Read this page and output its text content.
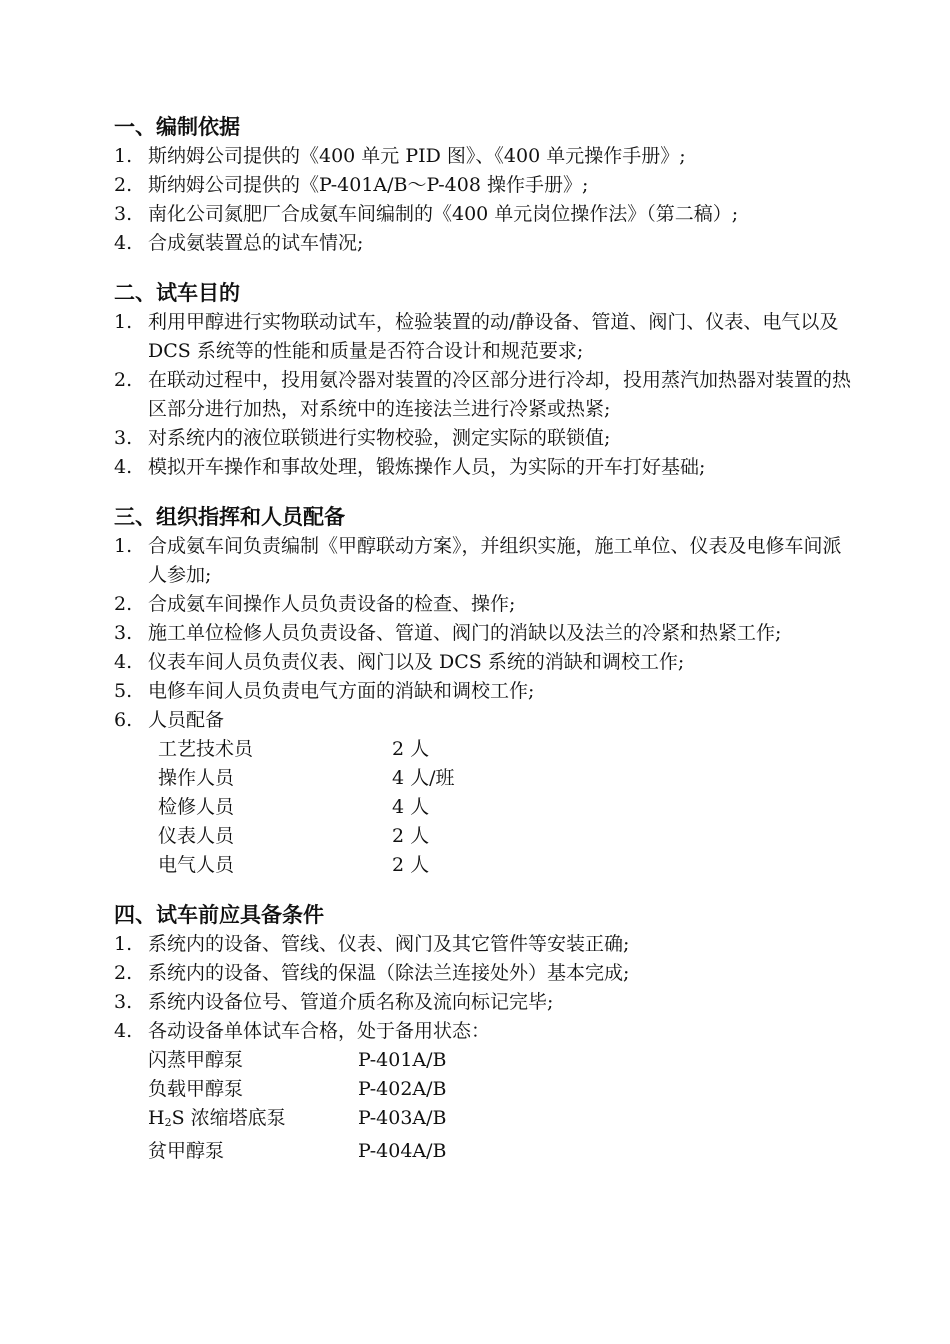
一、编制依据
1. 斯纳姆公司提供的《400 单元 PID 图》、《400 单元操作手册》;
2. 斯纳姆公司提供的《P-401A/B～P-408 操作手册》;
3. 南化公司氮肥厂合成氨车间编制的《400 单元岗位操作法》（第二稿）;
4. 合成氨装置总的试车情况;
二、试车目的
1. 利用甲醇进行实物联动试车，检验装置的动/静设备、管道、阀门、仪表、电气以及 DCS 系统等的性能和质量是否符合设计和规范要求;
2. 在联动过程中，投用氨冷器对装置的冷区部分进行冷却，投用蒸汽加热器对装置的热区部分进行加热，对系统中的连接法兰进行冷紧或热紧;
3. 对系统内的液位联锁进行实物校验，测定实际的联锁值;
4. 模拟开车操作和事故处理，锻炼操作人员，为实际的开车打好基础;
三、组织指挥和人员配备
1. 合成氨车间负责编制《甲醇联动方案》，并组织实施，施工单位、仪表及电修车间派人参加;
2. 合成氨车间操作人员负责设备的检查、操作;
3. 施工单位检修人员负责设备、管道、阀门的消缺以及法兰的冷紧和热紧工作;
4. 仪表车间人员负责仪表、阀门以及 DCS 系统的消缺和调校工作;
5. 电修车间人员负责电气方面的消缺和调校工作;
6. 人员配备
工艺技术员	2 人
操作人员	4 人/班
检修人员	4 人
仪表人员	2 人
电气人员	2 人
四、试车前应具备条件
1. 系统内的设备、管线、仪表、阀门及其它管件等安装正确;
2. 系统内的设备、管线的保温（除法兰连接处外）基本完成;
3. 系统内设备位号、管道介质名称及流向标记完毕;
4. 各动设备单体试车合格，处于备用状态：
闪蒸甲醇泵	P-401A/B
负载甲醇泵	P-402A/B
$H_2S$ 浓缩塔底泵	P-403A/B
贫甲醇泵	P-404A/B
